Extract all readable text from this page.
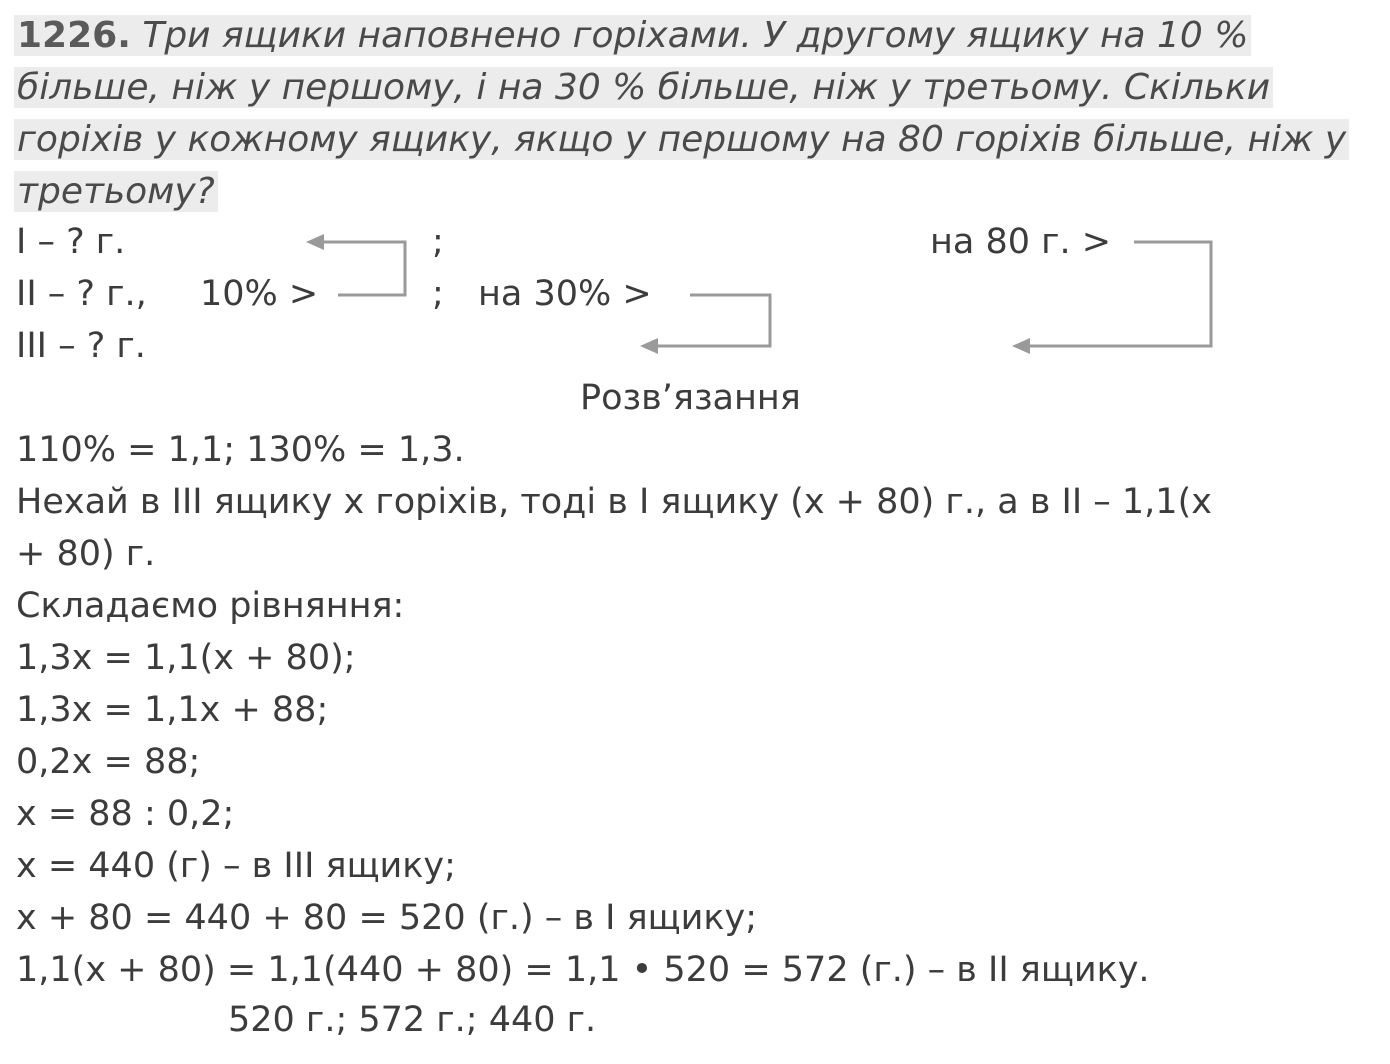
1226. Три ящики наповнено горіхами. У другому ящику на 10 % більше, ніж у першому, і на 30 % більше, ніж у третьому. Скільки горіхів у кожному ящику, якщо у першому на 80 горіхів більше, ніж у третьому?
I – ? г.
II – ? г.,
III – ? г.
10% >
;
; на 30% >
на 80 г. >
Розв’язання
110% = 1,1; 130% = 1,3.
Нехай в III ящику х горіхів, тоді в I ящику (х + 80) г., а в II – 1,1(х
+ 80) г.
Складаємо рівняння:
1,3х = 1,1(х + 80);
1,3х = 1,1х + 88;
0,2х = 88;
х = 88 : 0,2;
х = 440 (г) – в III ящику;
х + 80 = 440 + 80 = 520 (г.) – в I ящику;
1,1(х + 80) = 1,1(440 + 80) = 1,1 • 520 = 572 (г.) – в II ящику.
520 г.; 572 г.; 440 г.
